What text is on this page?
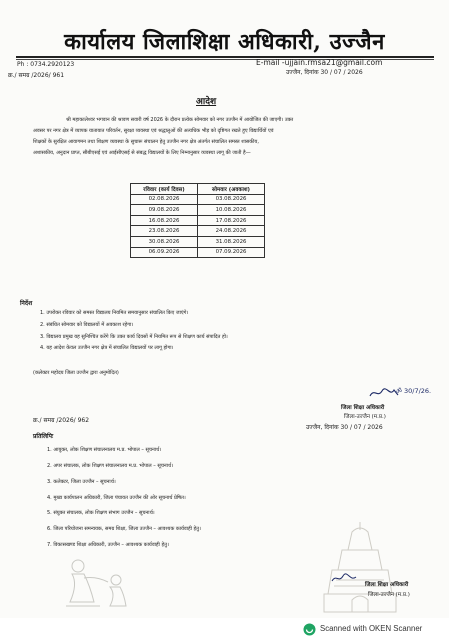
कार्यालय जिलाशिक्षा अधिकारी, उज्जैन
Ph : 0734.2920123	E-mail -ujjain.rmsa21@gmail.com
क्र./ समग्र /2026/ 961	उज्जैन, दिनांक 30 / 07 / 2026
आदेश
श्री महाकालेश्वर भगवान की श्रावण सवारी वर्ष 2026 के दौरान प्रत्येक सोमवार को नगर उज्जैन में आयोजित की जाएगी। उक्त
अवसर पर नगर क्षेत्र में व्यापक यातायात परिवर्तन, सुरक्षा व्यवस्था एवं श्रद्धालुओं की अत्यधिक भीड़ को दृष्टिगत रखते हुए विद्यार्थियों एवं
शिक्षकों के सुरक्षित आवागमन तथा शिक्षण व्यवस्था के सुचारू संचालन हेतु उज्जैन नगर क्षेत्र अंतर्गत संचालित समस्त शासकीय,
अशासकीय, अनुदान प्राप्त, सीबीएसई एवं आईसीएसई से संबद्ध विद्यालयों के लिए निम्नानुसार व्यवस्था लागू की जाती है—
रविवार (कार्य दिवस)	सोमवार (अवकाश)
02.08.2026	03.08.2026
09.08.2026	10.08.2026
16.08.2026	17.08.2026
23.08.2026	24.08.2026
30.08.2026	31.08.2026
06.09.2026	07.09.2026
निर्देश
1. उपरोक्त रविवार को समस्त विद्यालय नियमित समयानुसार संचालित किए जाएंगे।
2. संबंधित सोमवार को विद्यालयों में अवकाश रहेगा।
3. विद्यालय प्रमुख यह सुनिश्चित करेंगे कि उक्त कार्य दिवसों में नियमित रूप से शिक्षण कार्य संपादित हो।
4. यह आदेश केवल उज्जैन नगर क्षेत्र में संचालित विद्यालयों पर लागू होगा।
(कलेक्टर महोदय जिला उज्जैन द्वारा अनुमोदित)
ॐ 30/7/26.
जिला शिक्षा अधिकारी
जिला-उज्जैन (म.प्र.)
क्र./ समग्र /2026/ 962
उज्जैन, दिनांक 30 / 07 / 2026
प्रतिलिपिः
1. आयुक्त, लोक शिक्षण संचालनालय म.प्र. भोपाल – सूचनार्थ।
2. अपर संचालक, लोक शिक्षण संचालनालय म.प्र. भोपाल – सूचनार्थ।
3. कलेक्टर, जिला उज्जैन – सूचनार्थ।
4. मुख्य कार्यपालन अधिकारी, जिला पंचायत उज्जैन की ओर सूचनार्थ प्रेषित।
5. संयुक्त संचालक, लोक शिक्षण संभाग उज्जैन – सूचनार्थ।
6. जिला परियोजना समन्वयक, समग्र शिक्षा, जिला उज्जैन – आवश्यक कार्यवाही हेतु।
7. विकासखण्ड शिक्षा अधिकारी, उज्जैन – आवश्यक कार्यवाही हेतु।
जिला शिक्षा अधिकारी
जिला-उज्जैन (म.प्र.)
Scanned with OKEN Scanner
